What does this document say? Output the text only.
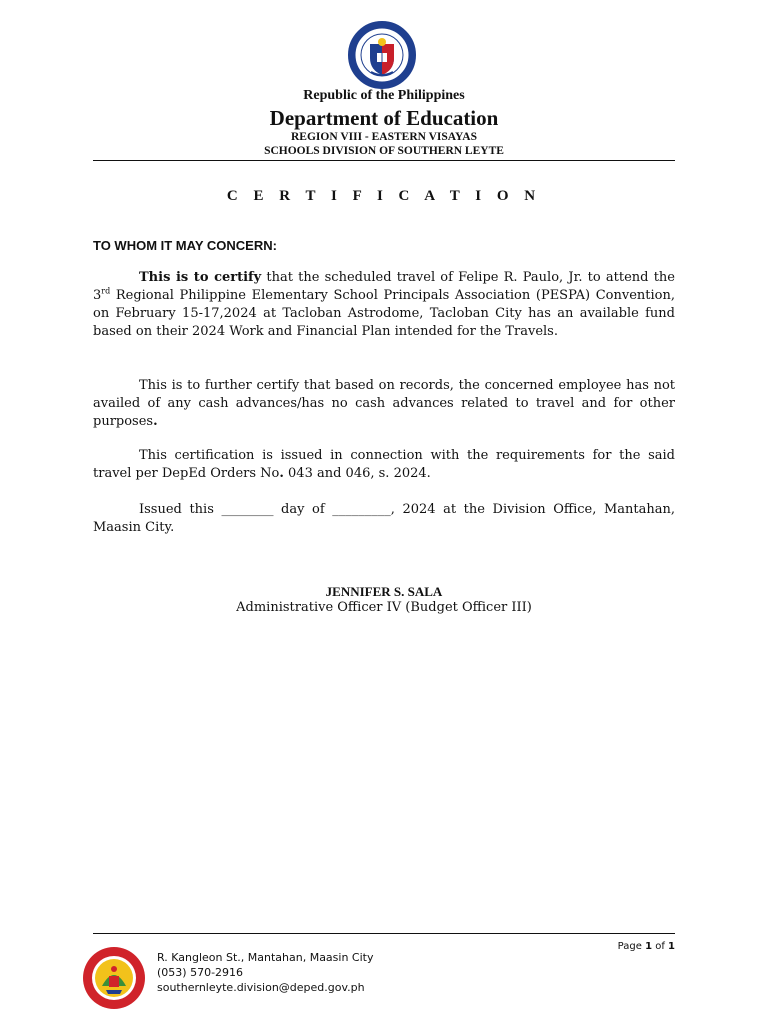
Republic of the Philippines
Department of Education
REGION VIII - EASTERN VISAYAS
SCHOOLS DIVISION OF SOUTHERN LEYTE
C E R T I F I C A T I O N
TO WHOM IT MAY CONCERN:
This is to certify that the scheduled travel of Felipe R. Paulo, Jr. to attend the 3rd Regional Philippine Elementary School Principals Association (PESPA) Convention, on February 15-17,2024 at Tacloban Astrodome, Tacloban City has an available fund based on their 2024 Work and Financial Plan intended for the Travels.
This is to further certify that based on records, the concerned employee has not availed of any cash advances/has no cash advances related to travel and for other purposes.
This certification is issued in connection with the requirements for the said travel per DepEd Orders No. 043 and 046, s. 2024.
Issued this ________ day of _________, 2024 at the Division Office, Mantahan, Maasin City.
JENNIFER S. SALA
Administrative Officer IV (Budget Officer III)
R. Kangleon St., Mantahan, Maasin City
(053) 570-2916
southernleyte.division@deped.gov.ph
Page 1 of 1
